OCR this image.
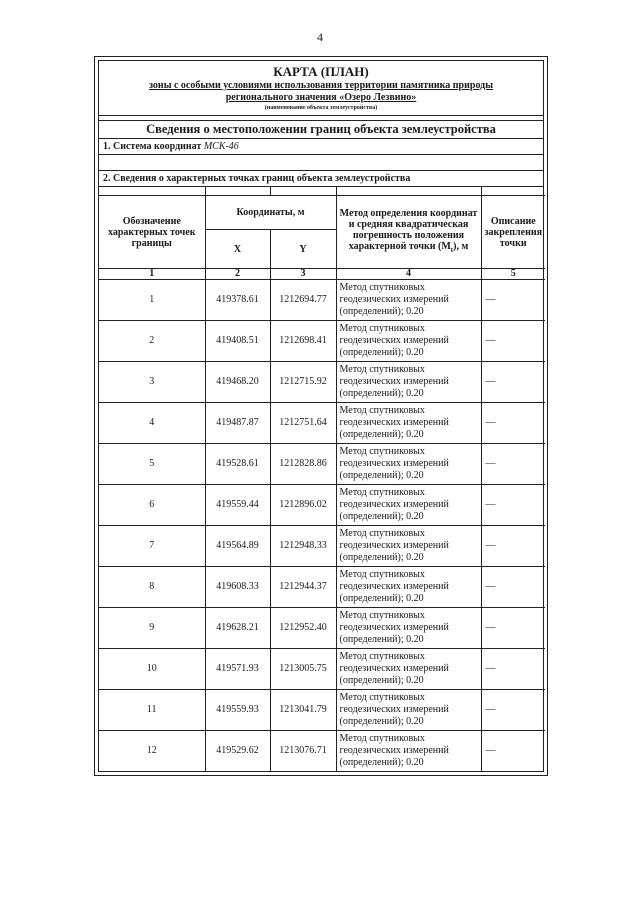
4
КАРТА (ПЛАН)
зоны с особыми условиями использования территории памятника природы
регионального значения «Озеро Лезвино»
(наименование объекта землеустройства)
Сведения о местоположении границ объекта землеустройства
1. Система координат МСК-46
2. Сведения о характерных точках границ объекта землеустройства

Обозначение характерных точек границы	Координаты, м		Метод определения координат и средняя квадратическая погрешность положения характерной точки $(M_t)$, м	Описание закрепления точки
	X	Y		
1	2	3	4	5
1	419378.61	1212694.77	Метод спутниковых геодезических измерений (определений); 0.20	—
2	419408.51	1212698.41	Метод спутниковых геодезических измерений (определений); 0.20	—
3	419468.20	1212715.92	Метод спутниковых геодезических измерений (определений); 0.20	—
4	419487.87	1212751.64	Метод спутниковых геодезических измерений (определений); 0.20	—
5	419528.61	1212828.86	Метод спутниковых геодезических измерений (определений); 0.20	—
6	419559.44	1212896.02	Метод спутниковых геодезических измерений (определений); 0.20	—
7	419564.89	1212948.33	Метод спутниковых геодезических измерений (определений); 0.20	—
8	419608.33	1212944.37	Метод спутниковых геодезических измерений (определений); 0.20	—
9	419628.21	1212952.40	Метод спутниковых геодезических измерений (определений); 0.20	—
10	419571.93	1213005.75	Метод спутниковых геодезических измерений (определений); 0.20	—
11	419559.93	1213041.79	Метод спутниковых геодезических измерений (определений); 0.20	—
12	419529.62	1213076.71	Метод спутниковых геодезических измерений (определений); 0.20	—
